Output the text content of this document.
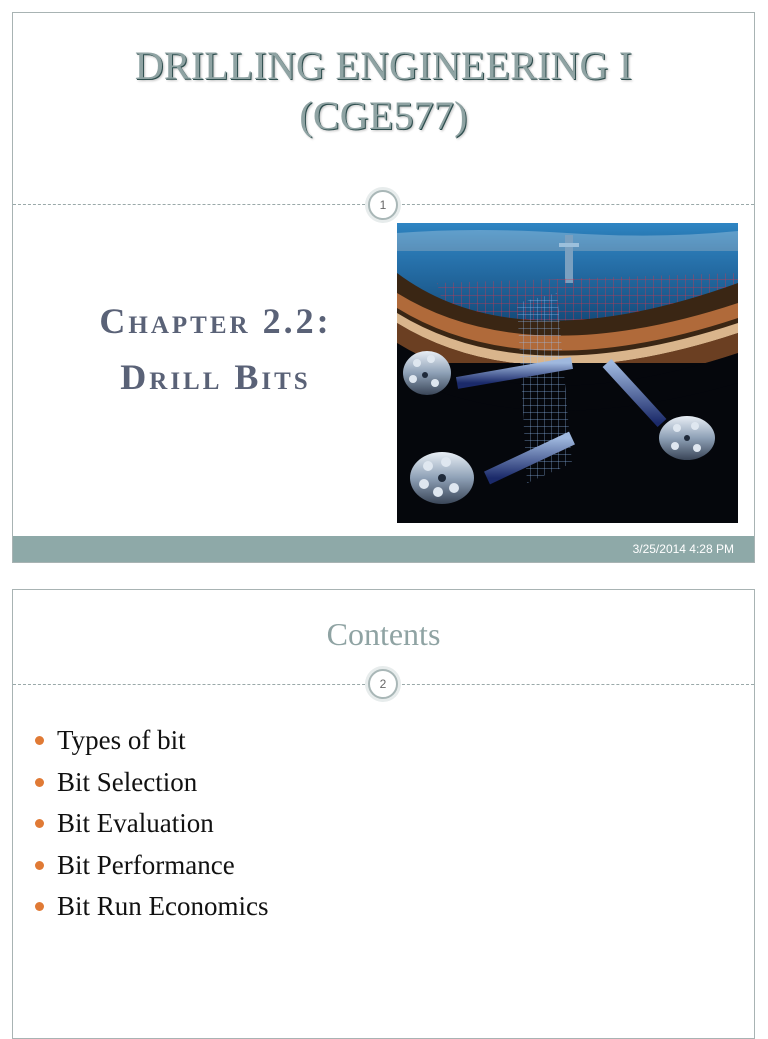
DRILLING ENGINEERING I
(CGE577)
1
Chapter 2.2:
Drill Bits
3/25/2014 4:28 PM
Contents
2
Types of bit
Bit Selection
Bit Evaluation
Bit Performance
Bit Run Economics
